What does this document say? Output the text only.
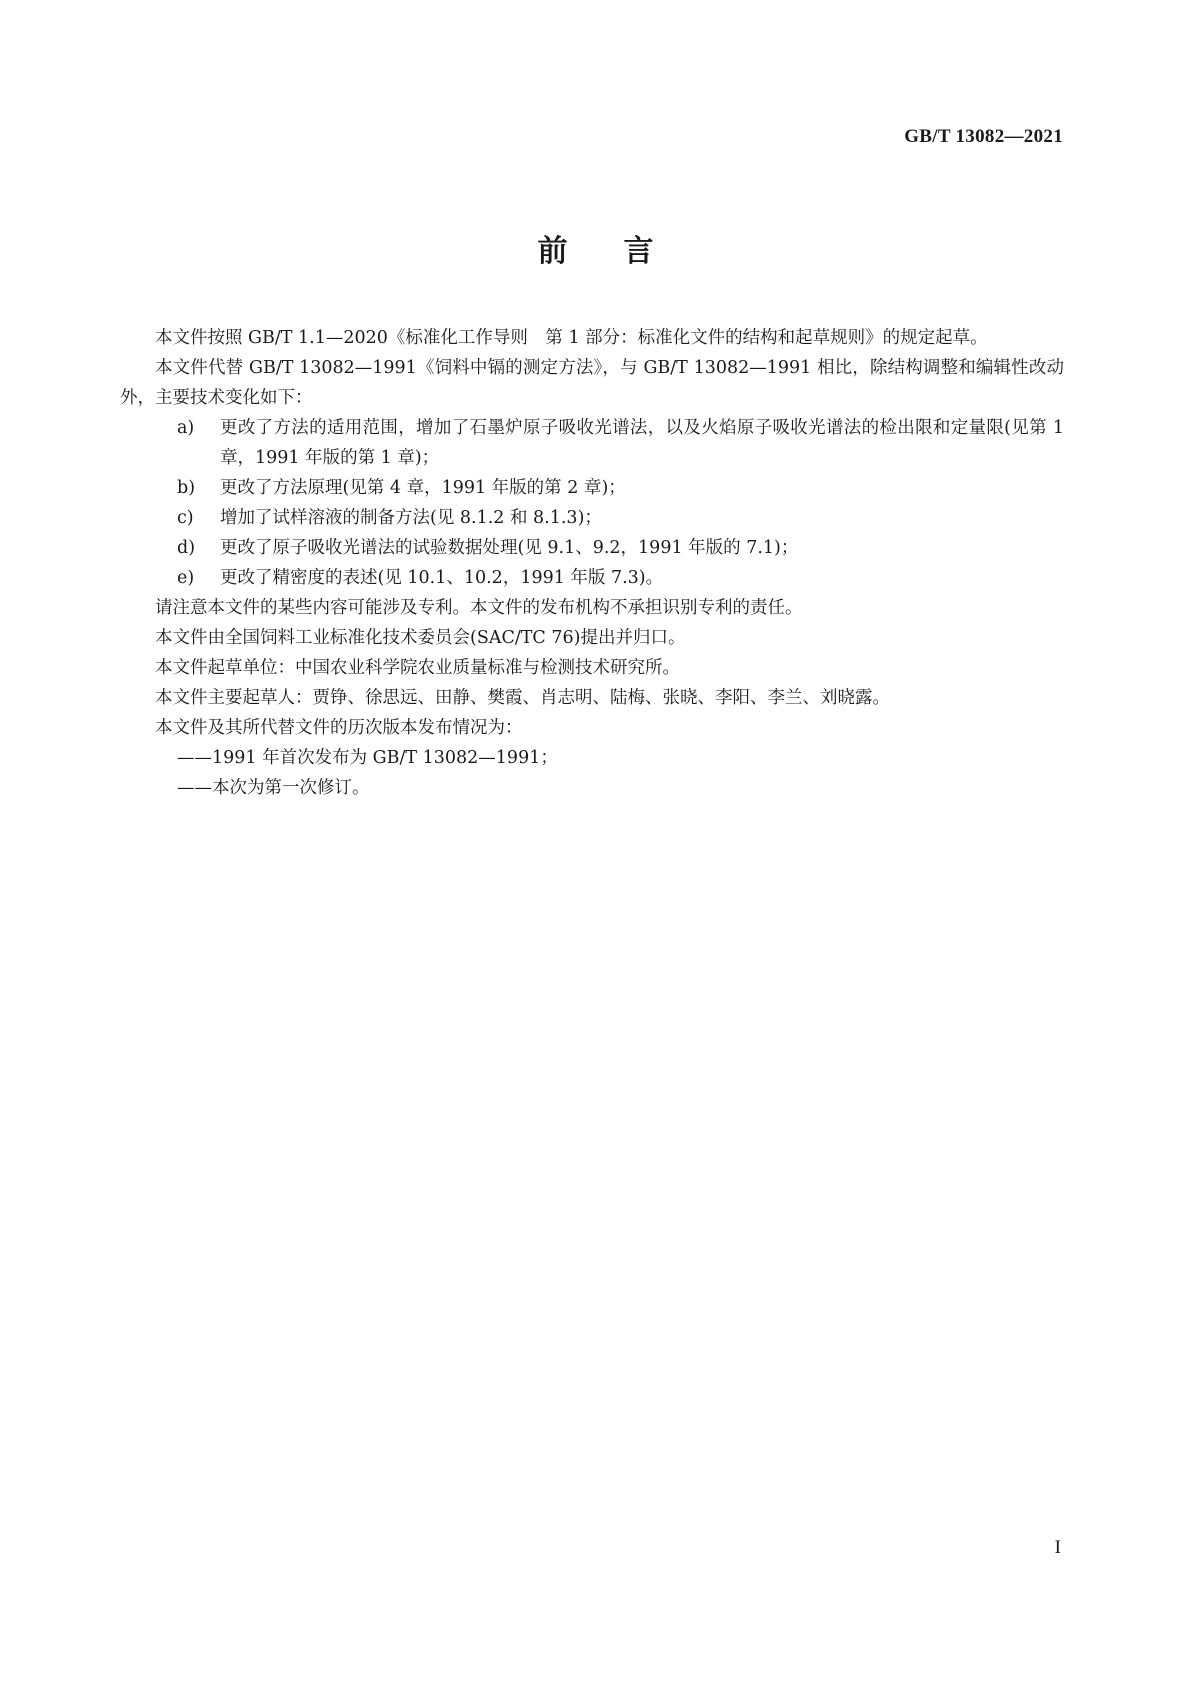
GB/T 13082—2021
前言

本文件按照 GB/T 1.1—2020《标准化工作导则　第 1 部分：标准化文件的结构和起草规则》的规定起草。

本文件代替 GB/T 13082—1991《饲料中镉的测定方法》，与 GB/T 13082—1991 相比，除结构调整和编辑性改动外，主要技术变化如下：

a)	更改了方法的适用范围，增加了石墨炉原子吸收光谱法，以及火焰原子吸收光谱法的检出限和定量限(见第 1 章，1991 年版的第 1 章)；
b)	更改了方法原理(见第 4 章，1991 年版的第 2 章)；
c)	增加了试样溶液的制备方法(见 8.1.2 和 8.1.3)；
d)	更改了原子吸收光谱法的试验数据处理(见 9.1、9.2，1991 年版的 7.1)；
e)	更改了精密度的表述(见 10.1、10.2，1991 年版 7.3)。

请注意本文件的某些内容可能涉及专利。本文件的发布机构不承担识别专利的责任。

本文件由全国饲料工业标准化技术委员会(SAC/TC 76)提出并归口。

本文件起草单位：中国农业科学院农业质量标准与检测技术研究所。

本文件主要起草人：贾铮、徐思远、田静、樊霞、肖志明、陆梅、张晓、李阳、李兰、刘晓露。

本文件及其所代替文件的历次版本发布情况为：

——1991 年首次发布为 GB/T 13082—1991；

——本次为第一次修订。

I
